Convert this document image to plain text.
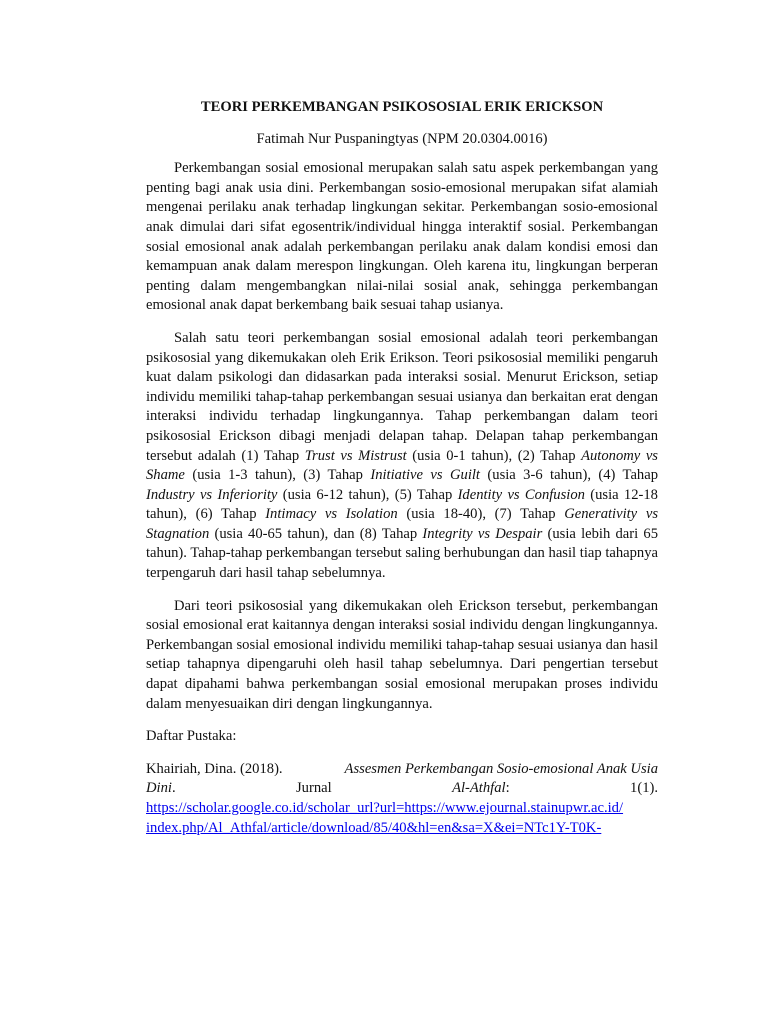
TEORI PERKEMBANGAN PSIKOSOSIAL ERIK ERICKSON
Fatimah Nur Puspaningtyas (NPM 20.0304.0016)

Perkembangan sosial emosional merupakan salah satu aspek perkembangan yang penting bagi anak usia dini. Perkembangan sosio-emosional merupakan sifat alamiah mengenai perilaku anak terhadap lingkungan sekitar. Perkembangan sosio-emosional anak dimulai dari sifat egosentrik/individual hingga interaktif sosial. Perkembangan sosial emosional anak adalah perkembangan perilaku anak dalam kondisi emosi dan kemampuan anak dalam merespon lingkungan. Oleh karena itu, lingkungan berperan penting dalam mengembangkan nilai-nilai sosial anak, sehingga perkembangan emosional anak dapat berkembang baik sesuai tahap usianya.

Salah satu teori perkembangan sosial emosional adalah teori perkembangan psikososial yang dikemukakan oleh Erik Erikson. Teori psikososial memiliki pengaruh kuat dalam psikologi dan didasarkan pada interaksi sosial. Menurut Erickson, setiap individu memiliki tahap-tahap perkembangan sesuai usianya dan berkaitan erat dengan interaksi individu terhadap lingkungannya. Tahap perkembangan dalam teori psikososial Erickson dibagi menjadi delapan tahap. Delapan tahap perkembangan tersebut adalah (1) Tahap Trust vs Mistrust (usia 0-1 tahun), (2) Tahap Autonomy vs Shame (usia 1-3 tahun), (3) Tahap Initiative vs Guilt (usia 3-6 tahun), (4) Tahap Industry vs Inferiority (usia 6-12 tahun), (5) Tahap Identity vs Confusion (usia 12-18 tahun), (6) Tahap Intimacy vs Isolation (usia 18-40), (7) Tahap Generativity vs Stagnation (usia 40-65 tahun), dan (8) Tahap Integrity vs Despair (usia lebih dari 65 tahun). Tahap-tahap perkembangan tersebut saling berhubungan dan hasil tiap tahapnya terpengaruh dari hasil tahap sebelumnya.

Dari teori psikososial yang dikemukakan oleh Erickson tersebut, perkembangan sosial emosional erat kaitannya dengan interaksi sosial individu dengan lingkungannya. Perkembangan sosial emosional individu memiliki tahap-tahap sesuai usianya dan hasil setiap tahapnya dipengaruhi oleh hasil tahap sebelumnya. Dari pengertian tersebut dapat dipahami bahwa perkembangan sosial emosional merupakan proses individu dalam menyesuaikan diri dengan lingkungannya.

Daftar Pustaka:
Khairiah, Dina. (2018).	Assesmen Perkembangan Sosio-emosional Anak Usia
Dini.	Jurnal	Al-Athfal:	1(1).
https://scholar.google.co.id/scholar_url?url=https://www.ejournal.stainupwr.ac.id/
index.php/Al_Athfal/article/download/85/40&hl=en&sa=X&ei=NTc1Y-T0K-
